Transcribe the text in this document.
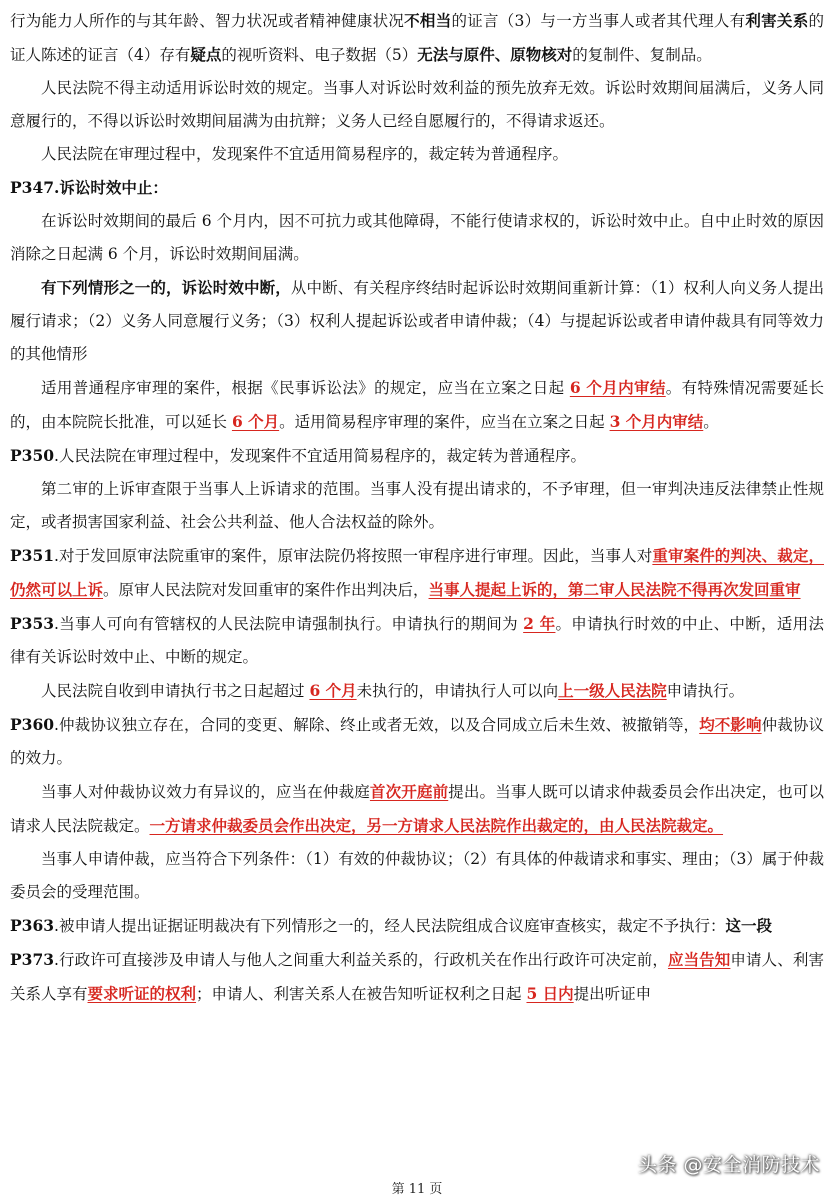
行为能力人所作的与其年龄、智力状况或者精神健康状况不相当的证言（3）与一方当事人或者其代理人有利害关系的证人陈述的证言（4）存有疑点的视听资料、电子数据（5）无法与原件、原物核对的复制件、复制品。

人民法院不得主动适用诉讼时效的规定。当事人对诉讼时效利益的预先放弃无效。诉讼时效期间届满后，义务人同意履行的，不得以诉讼时效期间届满为由抗辩；义务人已经自愿履行的，不得请求返还。

人民法院在审理过程中，发现案件不宜适用简易程序的，裁定转为普通程序。

P347.诉讼时效中止：

在诉讼时效期间的最后 6 个月内，因不可抗力或其他障碍，不能行使请求权的，诉讼时效中止。自中止时效的原因消除之日起满 6 个月，诉讼时效期间届满。

有下列情形之一的，诉讼时效中断，从中断、有关程序终结时起诉讼时效期间重新计算：（1）权利人向义务人提出履行请求；（2）义务人同意履行义务；（3）权利人提起诉讼或者申请仲裁；（4）与提起诉讼或者申请仲裁具有同等效力的其他情形

适用普通程序审理的案件，根据《民事诉讼法》的规定，应当在立案之日起 6 个月内审结。有特殊情况需要延长的，由本院院长批准，可以延长 6 个月。适用简易程序审理的案件，应当在立案之日起 3 个月内审结。

P350.人民法院在审理过程中，发现案件不宜适用简易程序的，裁定转为普通程序。

第二审的上诉审查限于当事人上诉请求的范围。当事人没有提出请求的，不予审理，但一审判决违反法律禁止性规定，或者损害国家利益、社会公共利益、他人合法权益的除外。

P351.对于发回原审法院重审的案件，原审法院仍将按照一审程序进行审理。因此，当事人对重审案件的判决、裁定，仍然可以上诉。原审人民法院对发回重审的案件作出判决后，当事人提起上诉的，第二审人民法院不得再次发回重审

P353.当事人可向有管辖权的人民法院申请强制执行。申请执行的期间为 2 年。申请执行时效的中止、中断，适用法律有关诉讼时效中止、中断的规定。

人民法院自收到申请执行书之日起超过 6 个月未执行的，申请执行人可以向上一级人民法院申请执行。

P360.仲裁协议独立存在，合同的变更、解除、终止或者无效，以及合同成立后未生效、被撤销等，均不影响仲裁协议的效力。

当事人对仲裁协议效力有异议的，应当在仲裁庭首次开庭前提出。当事人既可以请求仲裁委员会作出决定，也可以请求人民法院裁定。一方请求仲裁委员会作出决定，另一方请求人民法院作出裁定的，由人民法院裁定。

当事人申请仲裁，应当符合下列条件：（1）有效的仲裁协议；（2）有具体的仲裁请求和事实、理由；（3）属于仲裁委员会的受理范围。

P363.被申请人提出证据证明裁决有下列情形之一的，经人民法院组成合议庭审查核实，裁定不予执行：这一段

P373.行政许可直接涉及申请人与他人之间重大利益关系的，行政机关在作出行政许可决定前，应当告知申请人、利害关系人享有要求听证的权利；申请人、利害关系人在被告知听证权利之日起 5 日内提出听证申

第 11 页
头条 @安全消防技术
